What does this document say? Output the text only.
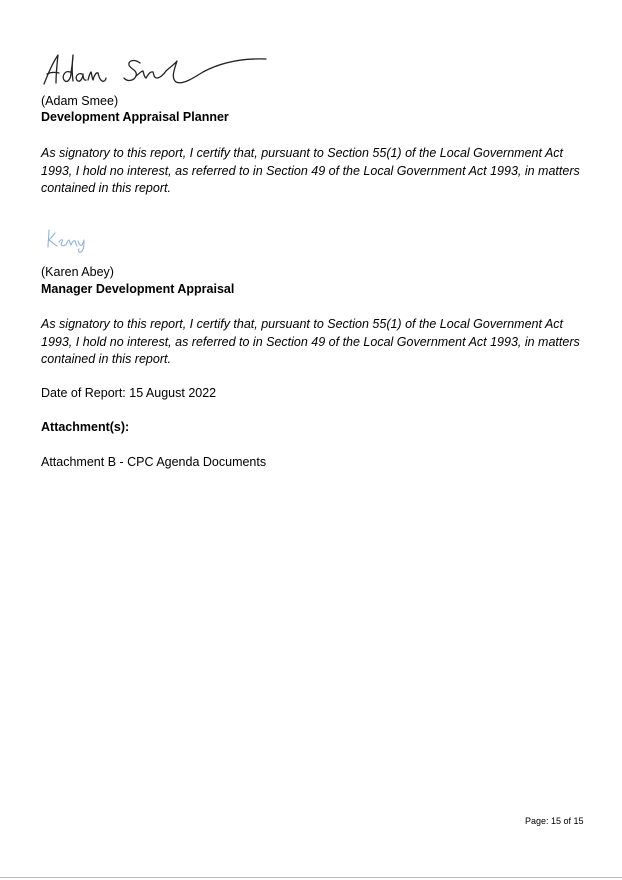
(Adam Smee)
Development Appraisal Planner
As signatory to this report, I certify that, pursuant to Section 55(1) of the Local Government Act 1993, I hold no interest, as referred to in Section 49 of the Local Government Act 1993, in matters contained in this report.
(Karen Abey)
Manager Development Appraisal
As signatory to this report, I certify that, pursuant to Section 55(1) of the Local Government Act 1993, I hold no interest, as referred to in Section 49 of the Local Government Act 1993, in matters contained in this report.
Date of Report: 15 August 2022
Attachment(s):
Attachment B - CPC Agenda Documents
Page: 15 of 15
